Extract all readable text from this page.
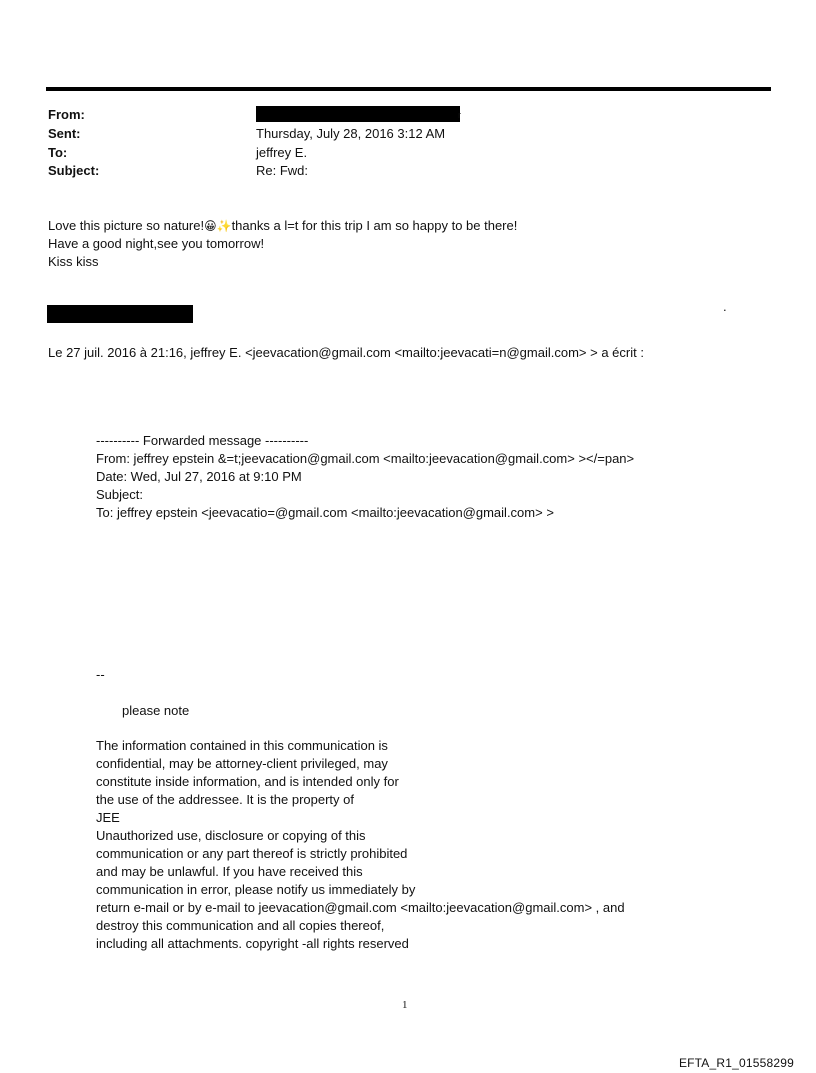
From:	r
Sent:	Thursday, July 28, 2016 3:12 AM
To:	jeffrey E.
Subject:	Re: Fwd:
Love this picture so nature!😀✨thanks a l=t for this trip I am so happy to be there!
Have a good night,see you tomorrow!
Kiss kiss
.
Le 27 juil. 2016 à 21:16, jeffrey E. <jeevacation@gmail.com <mailto:jeevacati=n@gmail.com> > a écrit :
---------- Forwarded message ----------
From: jeffrey epstein &=t;jeevacation@gmail.com <mailto:jeevacation@gmail.com> ></=pan>
Date: Wed, Jul 27, 2016 at 9:10 PM
Subject:
To: jeffrey epstein <jeevacatio=@gmail.com <mailto:jeevacation@gmail.com> >
--
please note
The information contained in this communication is
confidential, may be attorney-client privileged, may
constitute inside information, and is intended only for
the use of the addressee. It is the property of
JEE
Unauthorized use, disclosure or copying of this
communication or any part thereof is strictly prohibited
and may be unlawful. If you have received this
communication in error, please notify us immediately by
return e-mail or by e-mail to jeevacation@gmail.com <mailto:jeevacation@gmail.com> , and
destroy this communication and all copies thereof,
including all attachments. copyright -all rights reserved
1
EFTA_R1_01558299
